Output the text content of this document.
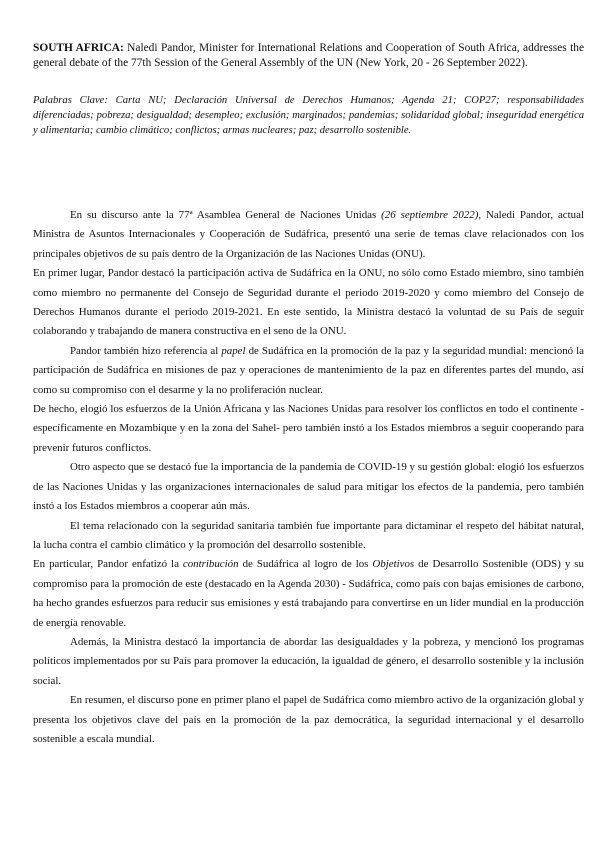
SOUTH AFRICA: Naledi Pandor, Minister for International Relations and Cooperation of South Africa, addresses the general debate of the 77th Session of the General Assembly of the UN (New York, 20 - 26 September 2022).
Palabras Clave: Carta NU; Declaración Universal de Derechos Humanos; Agenda 21; COP27; responsabilidades diferenciadas; pobreza; desigualdad; desempleo; exclusión; marginados; pandemias; solidaridad global; inseguridad energética y alimentaria; cambio climático; conflictos; armas nucleares; paz; desarrollo sostenible.

En su discurso ante la 77ª Asamblea General de Naciones Unidas (26 septiembre 2022), Naledi Pandor, actual Ministra de Asuntos Internacionales y Cooperación de Sudáfrica, presentó una serie de temas clave relacionados con los principales objetivos de su país dentro de la Organización de las Naciones Unidas (ONU).

En primer lugar, Pandor destacó la participación activa de Sudáfrica en la ONU, no sólo como Estado miembro, sino también como miembro no permanente del Consejo de Seguridad durante el periodo 2019-2020 y como miembro del Consejo de Derechos Humanos durante el periodo 2019-2021. En este sentido, la Ministra destacó la voluntad de su País de seguir colaborando y trabajando de manera constructiva en el seno de la ONU.

Pandor también hizo referencia al papel de Sudáfrica en la promoción de la paz y la seguridad mundial: mencionó la participación de Sudáfrica en misiones de paz y operaciones de mantenimiento de la paz en diferentes partes del mundo, así como su compromiso con el desarme y la no proliferación nuclear.

De hecho, elogió los esfuerzos de la Unión Africana y las Naciones Unidas para resolver los conflictos en todo el continente -específicamente en Mozambique y en la zona del Sahel- pero también instó a los Estados miembros a seguir cooperando para prevenir futuros conflictos.

Otro aspecto que se destacó fue la importancia de la pandemia de COVID-19 y su gestión global: elogió los esfuerzos de las Naciones Unidas y las organizaciones internacionales de salud para mitigar los efectos de la pandemia, pero también instó a los Estados miembros a cooperar aún más.

El tema relacionado con la seguridad sanitaria también fue importante para dictaminar el respeto del hábitat natural, la lucha contra el cambio climático y la promoción del desarrollo sostenible.

En particular, Pandor enfatizó la contribución de Sudáfrica al logro de los Objetivos de Desarrollo Sostenible (ODS) y su compromiso para la promoción de este (destacado en la Agenda 2030) - Sudáfrica, como país con bajas emisiones de carbono, ha hecho grandes esfuerzos para reducir sus emisiones y está trabajando para convertirse en un líder mundial en la producción de energía renovable.

Además, la Ministra destacó la importancia de abordar las desigualdades y la pobreza, y mencionó los programas políticos implementados por su País para promover la educación, la igualdad de género, el desarrollo sostenible y la inclusión social.

En resumen, el discurso pone en primer plano el papel de Sudáfrica como miembro activo de la organización global y presenta los objetivos clave del país en la promoción de la paz democrática, la seguridad internacional y el desarrollo sostenible a escala mundial.
